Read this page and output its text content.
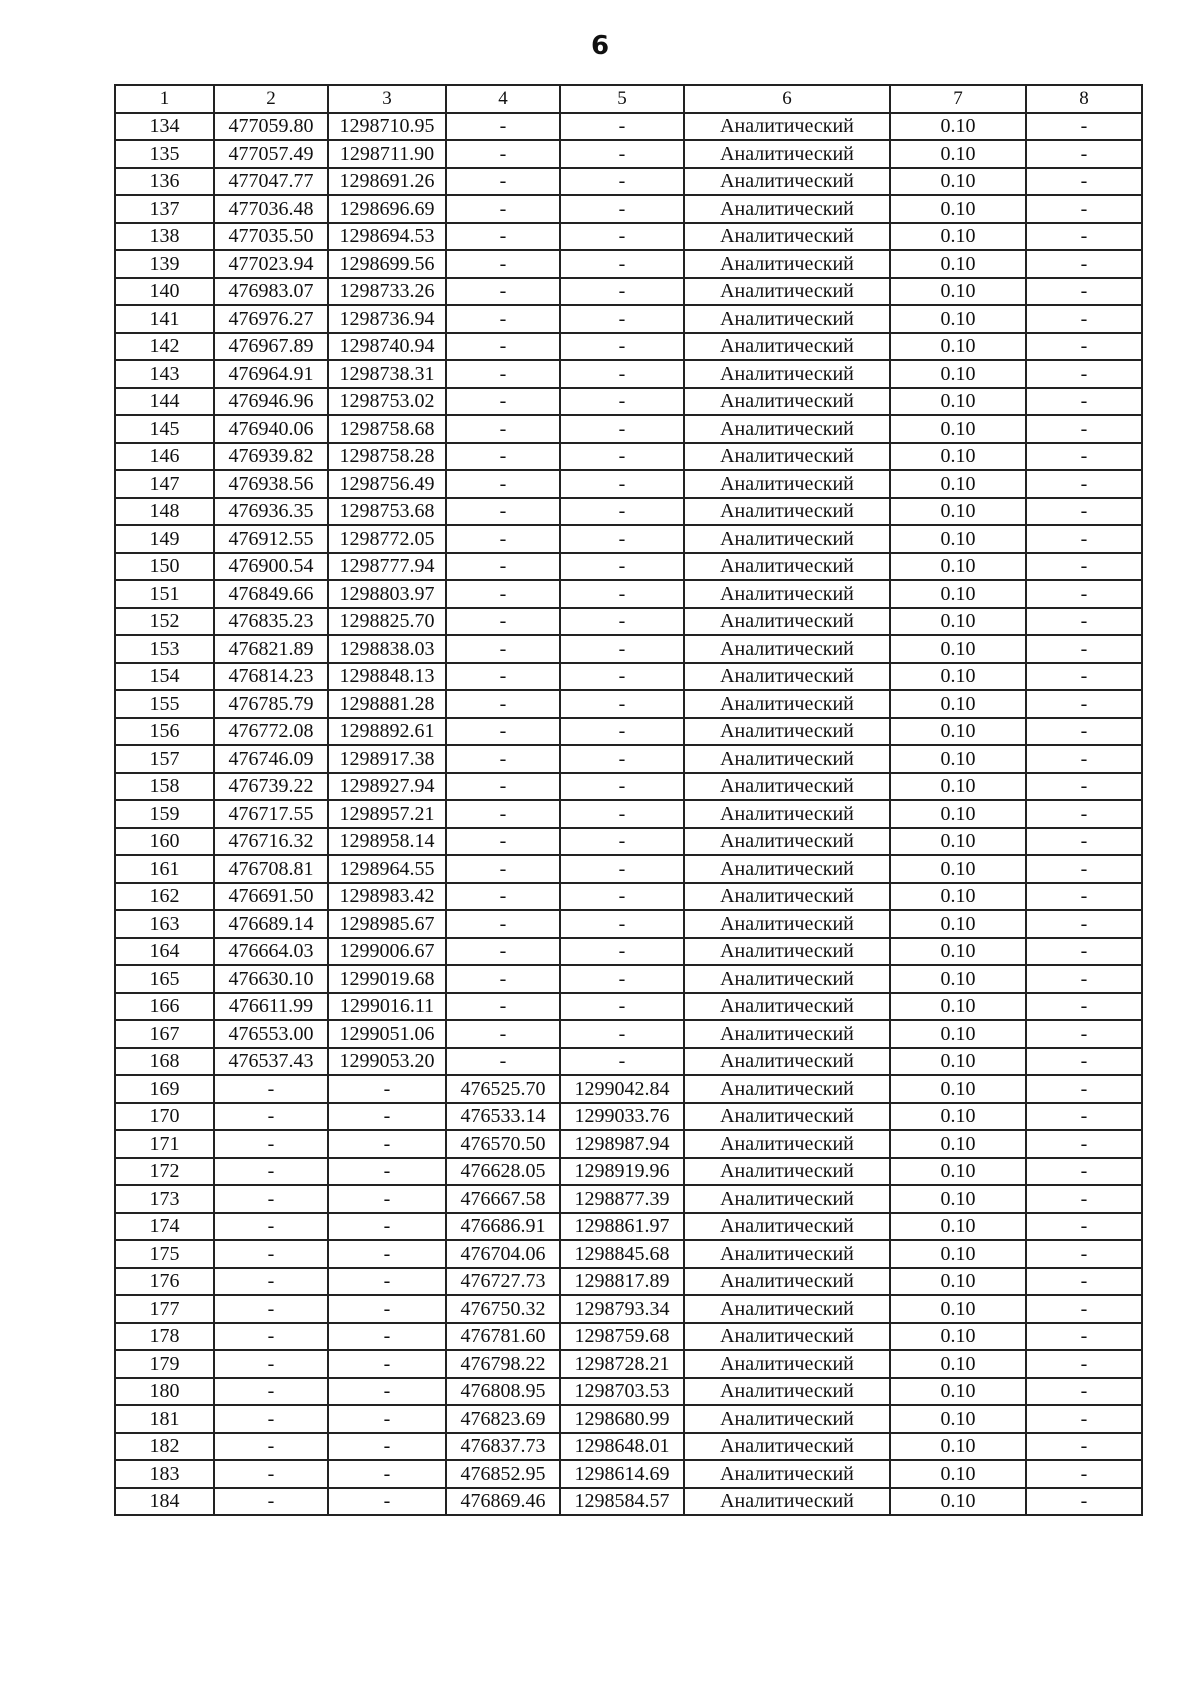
6
1	2	3	4	5	6	7	8
134	477059.80	1298710.95	-	-	Аналитический	0.10	-
135	477057.49	1298711.90	-	-	Аналитический	0.10	-
136	477047.77	1298691.26	-	-	Аналитический	0.10	-
137	477036.48	1298696.69	-	-	Аналитический	0.10	-
138	477035.50	1298694.53	-	-	Аналитический	0.10	-
139	477023.94	1298699.56	-	-	Аналитический	0.10	-
140	476983.07	1298733.26	-	-	Аналитический	0.10	-
141	476976.27	1298736.94	-	-	Аналитический	0.10	-
142	476967.89	1298740.94	-	-	Аналитический	0.10	-
143	476964.91	1298738.31	-	-	Аналитический	0.10	-
144	476946.96	1298753.02	-	-	Аналитический	0.10	-
145	476940.06	1298758.68	-	-	Аналитический	0.10	-
146	476939.82	1298758.28	-	-	Аналитический	0.10	-
147	476938.56	1298756.49	-	-	Аналитический	0.10	-
148	476936.35	1298753.68	-	-	Аналитический	0.10	-
149	476912.55	1298772.05	-	-	Аналитический	0.10	-
150	476900.54	1298777.94	-	-	Аналитический	0.10	-
151	476849.66	1298803.97	-	-	Аналитический	0.10	-
152	476835.23	1298825.70	-	-	Аналитический	0.10	-
153	476821.89	1298838.03	-	-	Аналитический	0.10	-
154	476814.23	1298848.13	-	-	Аналитический	0.10	-
155	476785.79	1298881.28	-	-	Аналитический	0.10	-
156	476772.08	1298892.61	-	-	Аналитический	0.10	-
157	476746.09	1298917.38	-	-	Аналитический	0.10	-
158	476739.22	1298927.94	-	-	Аналитический	0.10	-
159	476717.55	1298957.21	-	-	Аналитический	0.10	-
160	476716.32	1298958.14	-	-	Аналитический	0.10	-
161	476708.81	1298964.55	-	-	Аналитический	0.10	-
162	476691.50	1298983.42	-	-	Аналитический	0.10	-
163	476689.14	1298985.67	-	-	Аналитический	0.10	-
164	476664.03	1299006.67	-	-	Аналитический	0.10	-
165	476630.10	1299019.68	-	-	Аналитический	0.10	-
166	476611.99	1299016.11	-	-	Аналитический	0.10	-
167	476553.00	1299051.06	-	-	Аналитический	0.10	-
168	476537.43	1299053.20	-	-	Аналитический	0.10	-
169	-	-	476525.70	1299042.84	Аналитический	0.10	-
170	-	-	476533.14	1299033.76	Аналитический	0.10	-
171	-	-	476570.50	1298987.94	Аналитический	0.10	-
172	-	-	476628.05	1298919.96	Аналитический	0.10	-
173	-	-	476667.58	1298877.39	Аналитический	0.10	-
174	-	-	476686.91	1298861.97	Аналитический	0.10	-
175	-	-	476704.06	1298845.68	Аналитический	0.10	-
176	-	-	476727.73	1298817.89	Аналитический	0.10	-
177	-	-	476750.32	1298793.34	Аналитический	0.10	-
178	-	-	476781.60	1298759.68	Аналитический	0.10	-
179	-	-	476798.22	1298728.21	Аналитический	0.10	-
180	-	-	476808.95	1298703.53	Аналитический	0.10	-
181	-	-	476823.69	1298680.99	Аналитический	0.10	-
182	-	-	476837.73	1298648.01	Аналитический	0.10	-
183	-	-	476852.95	1298614.69	Аналитический	0.10	-
184	-	-	476869.46	1298584.57	Аналитический	0.10	-
